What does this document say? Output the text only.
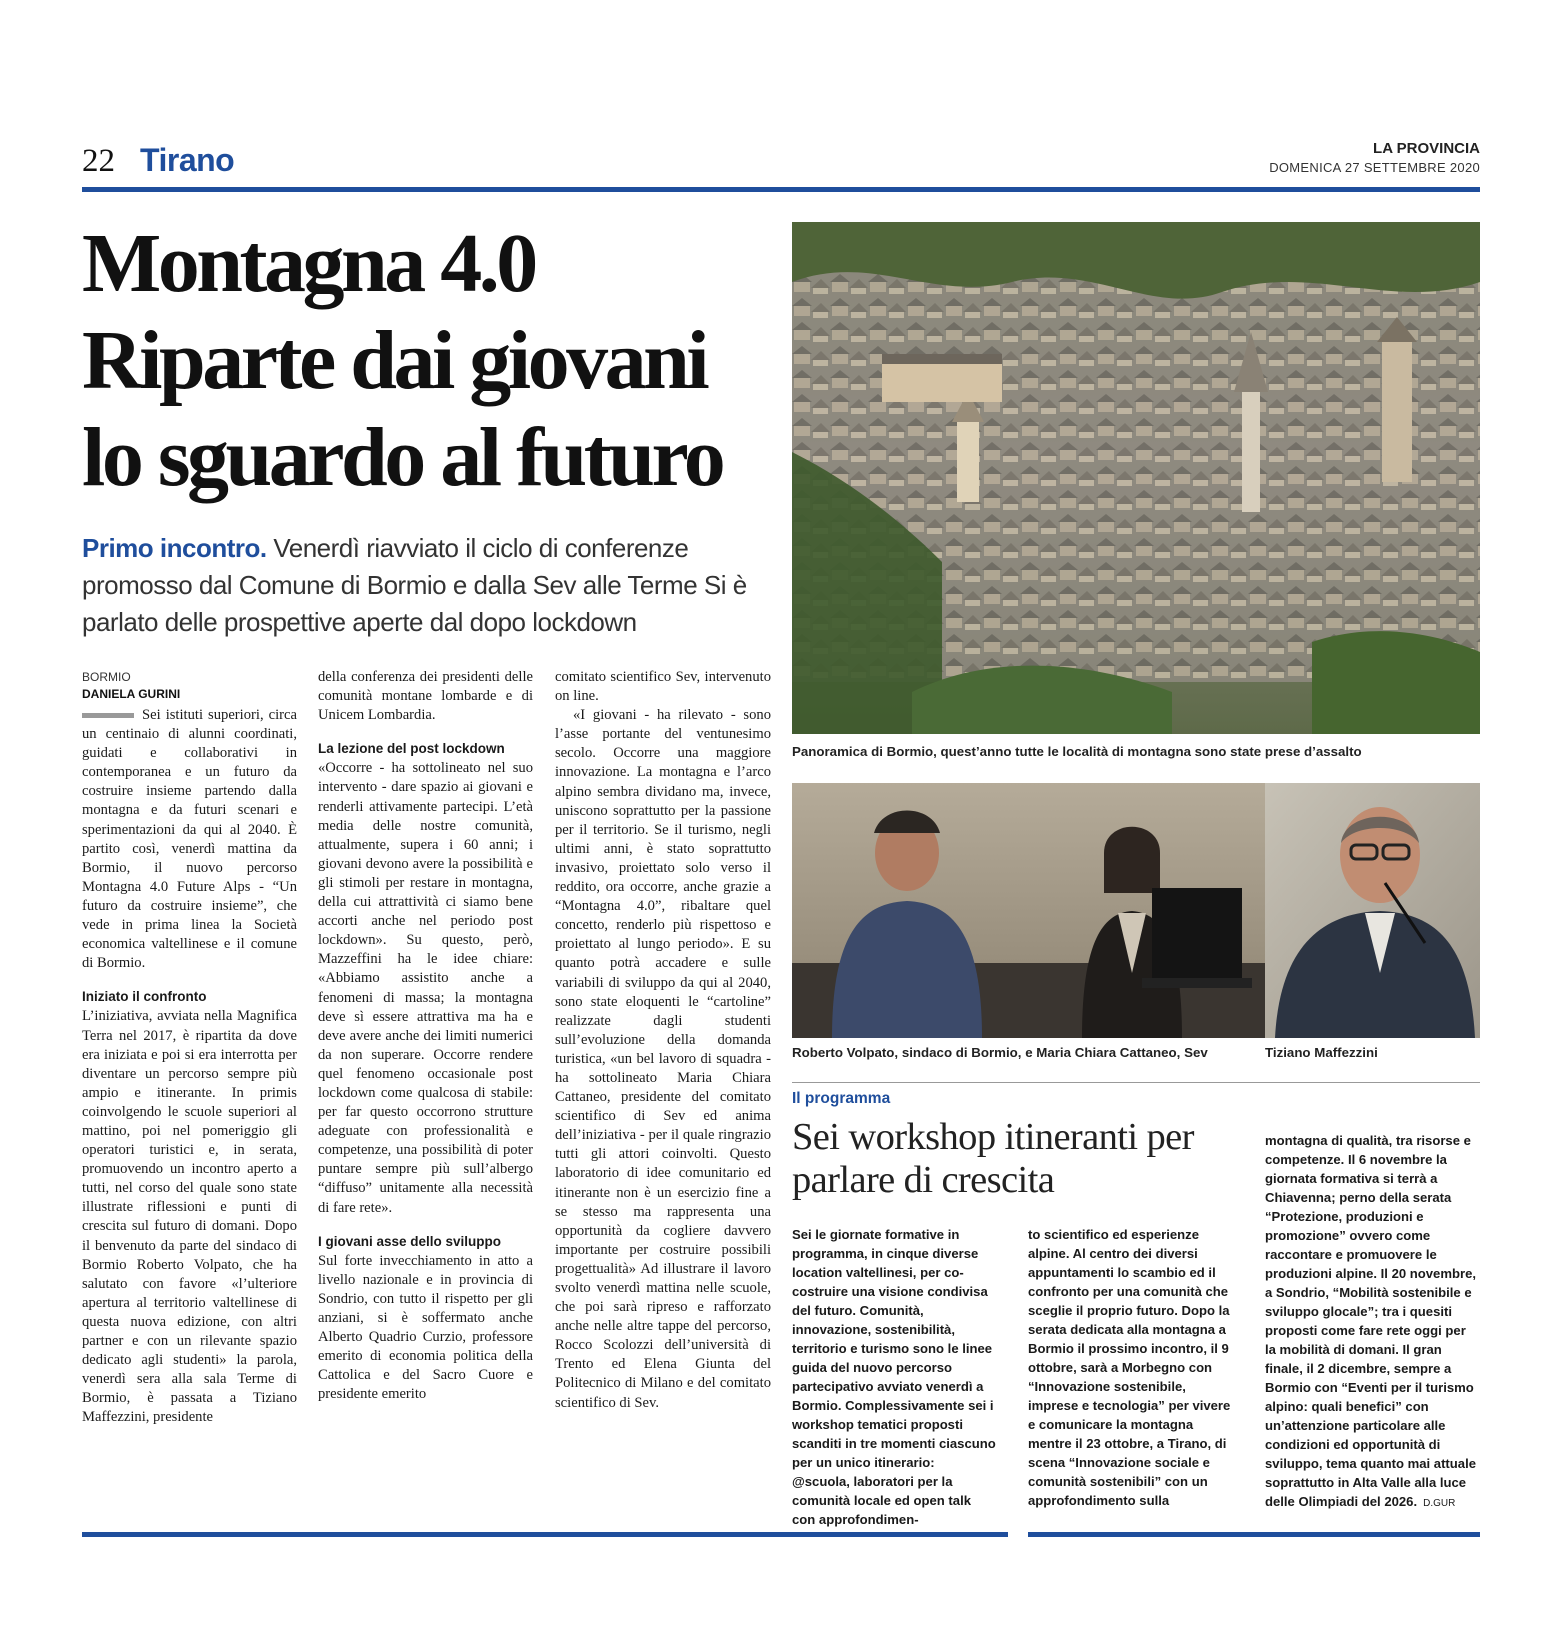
22 Tirano	LA PROVINCIA
DOMENICA 27 SETTEMBRE 2020
Montagna 4.0
Riparte dai giovani
lo sguardo al futuro
Primo incontro. Venerdì riavviato il ciclo di conferenze promosso dal Comune di Bormio e dalla Sev alle Terme Si è parlato delle prospettive aperte dal dopo lockdown
BORMIO
DANIELA GURINI

Sei istituti superiori, circa un centinaio di alunni coordinati, guidati e collaborativi in contemporanea e un futuro da costruire insieme partendo dalla montagna e da futuri scenari e sperimentazioni da qui al 2040. È partito così, venerdì mattina da Bormio, il nuovo percorso Montagna 4.0 Future Alps - “Un futuro da costruire insieme”, che vede in prima linea la Società economica valtellinese e il comune di Bormio.

Iniziato il confronto

L’iniziativa, avviata nella Magnifica Terra nel 2017, è ripartita da dove era iniziata e poi si era interrotta per diventare un percorso sempre più ampio e itinerante. In primis coinvolgendo le scuole superiori al mattino, poi nel pomeriggio gli operatori turistici e, in serata, promuovendo un incontro aperto a tutti, nel corso del quale sono state illustrate riflessioni e punti di crescita sul futuro di domani. Dopo il benvenuto da parte del sindaco di Bormio Roberto Volpato, che ha salutato con favore «l’ulteriore apertura al territorio valtellinese di questa nuova edizione, con altri partner e con un rilevante spazio dedicato agli studenti» la parola, venerdì sera alla sala Terme di Bormio, è passata a Tiziano Maffezzini, presidente

della conferenza dei presidenti delle comunità montane lombarde e di Unicem Lombardia.

La lezione del post lockdown

«Occorre - ha sottolineato nel suo intervento - dare spazio ai giovani e renderli attivamente partecipi. L’età media delle nostre comunità, attualmente, supera i 60 anni; i giovani devono avere la possibilità e gli stimoli per restare in montagna, della cui attrattività ci siamo bene accorti anche nel periodo post lockdown». Su questo, però, Mazzeffini ha le idee chiare: «Abbiamo assistito anche a fenomeni di massa; la montagna deve sì essere attrattiva ma ha e deve avere anche dei limiti numerici da non superare. Occorre rendere quel fenomeno occasionale post lockdown come qualcosa di stabile: per far questo occorrono strutture adeguate con professionalità e competenze, una possibilità di poter puntare sempre più sull’albergo “diffuso” unitamente alla necessità di fare rete».

I giovani asse dello sviluppo

Sul forte invecchiamento in atto a livello nazionale e in provincia di Sondrio, con tutto il rispetto per gli anziani, si è soffermato anche Alberto Quadrio Curzio, professore emerito di economia politica della Cattolica e del Sacro Cuore e presidente emerito

comitato scientifico Sev, intervenuto on line.

«I giovani - ha rilevato - sono l’asse portante del ventunesimo secolo. Occorre una maggiore innovazione. La montagna e l’arco alpino sembra dividano ma, invece, uniscono soprattutto per la passione per il territorio. Se il turismo, negli ultimi anni, è stato soprattutto invasivo, proiettato solo verso il reddito, ora occorre, anche grazie a “Montagna 4.0”, ribaltare quel concetto, renderlo più rispettoso e proiettato al lungo periodo». E su quanto potrà accadere e sulle variabili di sviluppo da qui al 2040, sono state eloquenti le “cartoline” realizzate dagli studenti sull’evoluzione della domanda turistica, «un bel lavoro di squadra - ha sottolineato Maria Chiara Cattaneo, presidente del comitato scientifico di Sev ed anima dell’iniziativa - per il quale ringrazio tutti gli attori coinvolti. Questo laboratorio di idee comunitario ed itinerante non è un esercizio fine a se stesso ma rappresenta una opportunità da cogliere davvero importante per costruire possibili progettualità» Ad illustrare il lavoro svolto venerdì mattina nelle scuole, che poi sarà ripreso e rafforzato anche nelle altre tappe del percorso, Rocco Scolozzi dell’università di Trento ed Elena Giunta del Politecnico di Milano e del comitato scientifico di Sev.

Panoramica di Bormio, quest’anno tutte le località di montagna sono state prese d’assalto
Roberto Volpato, sindaco di Bormio, e Maria Chiara Cattaneo, Sev	Tiziano Maffezzini
Il programma
Sei workshop itineranti per parlare di crescita

Sei le giornate formative in programma, in cinque diverse location valtellinesi, per co-costruire una visione condivisa del futuro. Comunità, innovazione, sostenibilità, territorio e turismo sono le linee guida del nuovo percorso partecipativo avviato venerdì a Bormio. Complessivamente sei i workshop tematici proposti scanditi in tre momenti ciascuno per un unico itinerario: @scuola, laboratori per la comunità locale ed open talk con approfondimen-

to scientifico ed esperienze alpine. Al centro dei diversi appuntamenti lo scambio ed il confronto per una comunità che sceglie il proprio futuro. Dopo la serata dedicata alla montagna a Bormio il prossimo incontro, il 9 ottobre, sarà a Morbegno con “Innovazione sostenibile, imprese e tecnologia” per vivere e comunicare la montagna mentre il 23 ottobre, a Tirano, di scena “Innovazione sociale e comunità sostenibili” con un approfondimento sulla

montagna di qualità, tra risorse e competenze. Il 6 novembre la giornata formativa si terrà a Chiavenna; perno della serata “Protezione, produzioni e promozione” ovvero come raccontare e promuovere le produzioni alpine. Il 20 novembre, a Sondrio, “Mobilità sostenibile e sviluppo glocale”; tra i quesiti proposti come fare rete oggi per la mobilità di domani. Il gran finale, il 2 dicembre, sempre a Bormio con “Eventi per il turismo alpino: quali benefici” con un’attenzione particolare alle condizioni ed opportunità di sviluppo, tema quanto mai attuale soprattutto in Alta Valle alla luce delle Olimpiadi del 2026. D.GUR
